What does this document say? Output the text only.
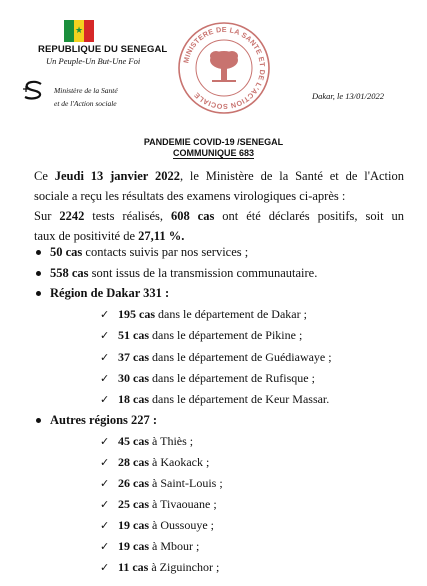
★
REPUBLIQUE DU SENEGAL
Un Peuple-Un But-Une Foi
Ministère de la Santé
et de l'Action sociale
MINISTERE DE LA SANTE ET DE L'ACTION SOCIALE	Dakar, le 13/01/2022
PANDEMIE COVID-19 /SENEGAL
COMMUNIQUE 683
Ce Jeudi 13 janvier 2022, le Ministère de la Santé et de l'Action
sociale a reçu les résultats des examens virologiques ci-après :
Sur 2242 tests réalisés, 608 cas ont été déclarés positifs, soit un
taux de positivité de 27,11 %.
50 cas contacts suivis par nos services ;
558 cas sont issus de la transmission communautaire.
Région de Dakar 331 :
✓ 195 cas dans le département de Dakar ;
✓ 51 cas dans le département de Pikine ;
✓ 37 cas dans le département de Guédiawaye ;
✓ 30 cas dans le département de Rufisque ;
✓ 18 cas dans le département de Keur Massar.
Autres régions 227 :
✓ 45 cas à Thiès ;
✓ 28 cas à Kaokack ;
✓ 26 cas à Saint-Louis ;
✓ 25 cas à Tivaouane ;
✓ 19 cas à Oussouye ;
✓ 19 cas à Mbour ;
✓ 11 cas à Ziguinchor ;
